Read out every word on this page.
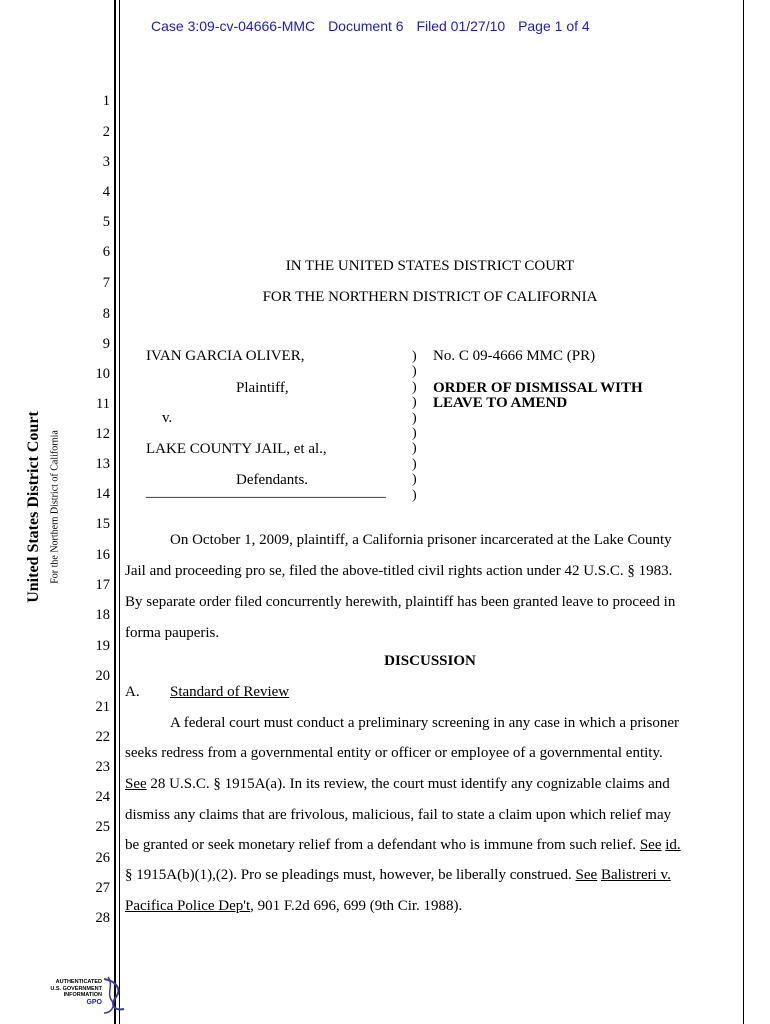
Case 3:09-cv-04666-MMC Document 6 Filed 01/27/10 Page 1 of 4
United States District Court For the Northern District of California
1
2
3
4
5
6
7
8
9
10
11
12
13
14
15
16
17
18
19
20
21
22
23
24
25
26
27
28
IN THE UNITED STATES DISTRICT COURT
FOR THE NORTHERN DISTRICT OF CALIFORNIA
IVAN GARCIA OLIVER,
Plaintiff,
v.
LAKE COUNTY JAIL, et al.,
Defendants.
________________________________
)
)
)
)
)
)
)
)
)
)
No. C 09-4666 MMC (PR)
ORDER OF DISMISSAL WITH
LEAVE TO AMEND
On October 1, 2009, plaintiff, a California prisoner incarcerated at the Lake County
Jail and proceeding pro se, filed the above-titled civil rights action under 42 U.S.C. § 1983.
By separate order filed concurrently herewith, plaintiff has been granted leave to proceed in
forma pauperis.
DISCUSSION
A. Standard of Review
A federal court must conduct a preliminary screening in any case in which a prisoner
seeks redress from a governmental entity or officer or employee of a governmental entity.
See 28 U.S.C. § 1915A(a). In its review, the court must identify any cognizable claims and
dismiss any claims that are frivolous, malicious, fail to state a claim upon which relief may
be granted or seek monetary relief from a defendant who is immune from such relief. See id.
§ 1915A(b)(1),(2). Pro se pleadings must, however, be liberally construed. See Balistreri v.
Pacifica Police Dep't, 901 F.2d 696, 699 (9th Cir. 1988).
AUTHENTICATED
U.S. GOVERNMENT
INFORMATION
GPO
